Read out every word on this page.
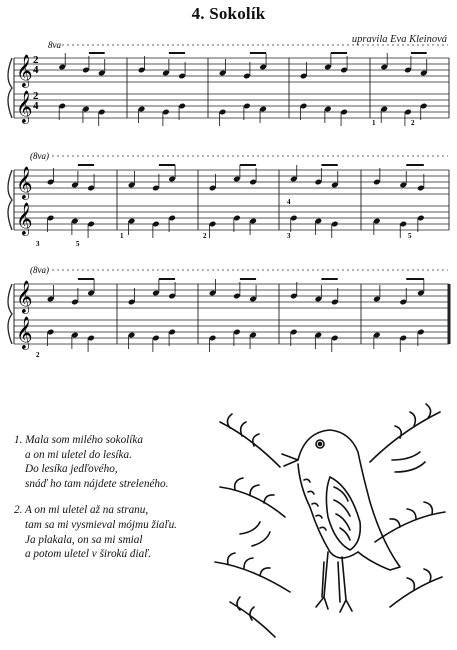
4. Sokolík
upravila Eva Kleinová
𝄞
𝄞
𝄞
𝄞
𝄞
𝄞
8va
(8va)
(8va)
2
4
2
4
1	2
3	5
1	2
4
3	5
2
1. Mala som milého sokolíka
a on mi uletel do lesíka.
Do lesíka jedľového,
snáď ho tam nájdete streleného.
2. A on mi uletel až na stranu,
tam sa mi vysmieval mójmu žiaľu.
Ja plakala, on sa mi smial
a potom uletel v širokú diaľ.
